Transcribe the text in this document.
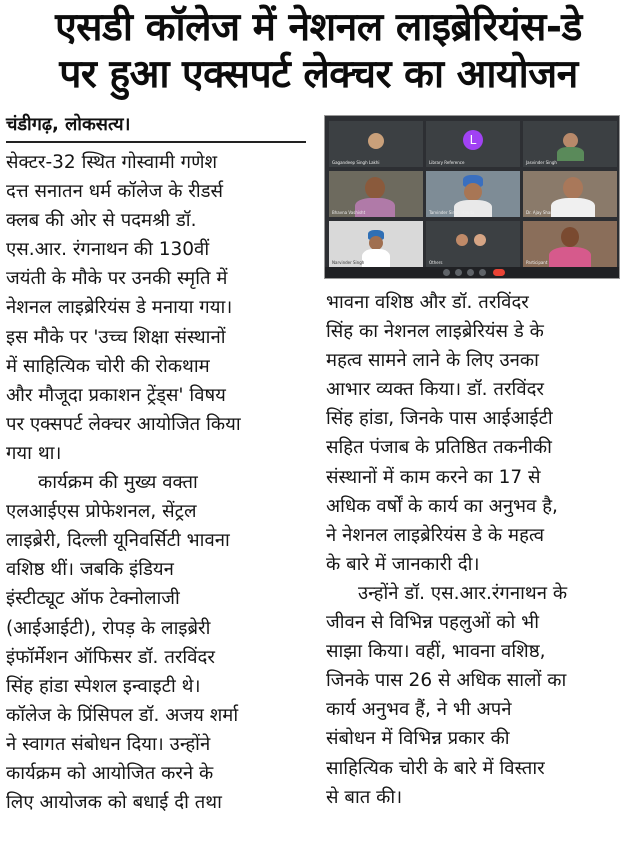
एसडी कॉलेज में नेशनल लाइब्रेरियंस-डे
पर हुआ एक्सपर्ट लेक्चर का आयोजन
चंडीगढ़, लोकसत्य।
सेक्टर-32 स्थित गोस्वामी गणेश
दत्त सनातन धर्म कॉलेज के रीडर्स
क्लब की ओर से पदमश्री डॉ.
एस.आर. रंगनाथन की 130वीं
जयंती के मौके पर उनकी स्मृति में
नेशनल लाइब्रेरियंस डे मनाया गया।
इस मौके पर 'उच्च शिक्षा संस्थानों
में साहित्यिक चोरी की रोकथाम
और मौजूदा प्रकाशन ट्रेंड्स' विषय
पर एक्सपर्ट लेक्चर आयोजित किया
गया था।
कार्यक्रम की मुख्य वक्ता
एलआईएस प्रोफेशनल, सेंट्रल
लाइब्रेरी, दिल्ली यूनिवर्सिटी भावना
वशिष्ठ थीं। जबकि इंडियन
इंस्टीट्यूट ऑफ टेक्नोलाजी
(आईआईटी), रोपड़ के लाइब्रेरी
इंफॉर्मेशन ऑफिसर डॉ. तरविंदर
सिंह हांडा स्पेशल इन्वाइटी थे।
कॉलेज के प्रिंसिपल डॉ. अजय शर्मा
ने स्वागत संबोधन दिया। उन्होंने
कार्यक्रम को आयोजित करने के
लिए आयोजक को बधाई दी तथा
Gagandeep Singh Lakhi
L
Library Reference	Jasvinder Singh
Bhavna Vashisht	Tarvinder Singh Handa	Dr. Ajay Sharma
Narvinder Singh	Others	Participant
भावना वशिष्ठ और डॉ. तरविंदर
सिंह का नेशनल लाइब्रेरियंस डे के
महत्व सामने लाने के लिए उनका
आभार व्यक्त किया। डॉ. तरविंदर
सिंह हांडा, जिनके पास आईआईटी
सहित पंजाब के प्रतिष्ठित तकनीकी
संस्थानों में काम करने का 17 से
अधिक वर्षों के कार्य का अनुभव है,
ने नेशनल लाइब्रेरियंस डे के महत्व
के बारे में जानकारी दी।
उन्होंने डॉ. एस.आर.रंगनाथन के
जीवन से विभिन्न पहलुओं को भी
साझा किया। वहीं, भावना वशिष्ठ,
जिनके पास 26 से अधिक सालों का
कार्य अनुभव हैं, ने भी अपने
संबोधन में विभिन्न प्रकार की
साहित्यिक चोरी के बारे में विस्तार
से बात की।
